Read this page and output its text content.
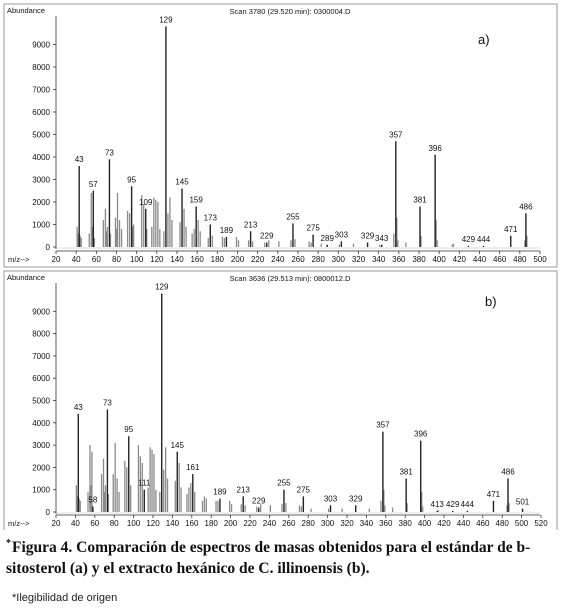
Abundance	Scan 3780 (29.520 min): 0300004.D
a)
0
1000
2000
3000
4000
5000
6000
7000
8000
9000
20 40 60 80 100 120 140 160 180 200 220 240 260 280 300 320 340 360 380 400 420 440 460 480 500
m/z-->
43
57
73
95
109
129
145
159
173
189
213
229
255
275
289 303 329 343
357
381
396
429 444
471
486
Abundance	Scan 3636 (29.513 min): 0800012.D
b)
0
1000
2000
3000
4000
5000
6000
7000
8000
9000
20 40 60 80 100 120 140 160 180 200 220 240 260 280 300 320 340 360 380 400 420 440 460 480 500 520
m/z-->
43
58
73
95
111
129
145
161
189 213
229
255
275
303 329
357
381
396
413 429 444
471
486
501
*Figura 4. Comparación de espectros de masas obtenidos para el estándar de b-sitosterol (a) y el extracto hexánico de C. illinoensis (b).
*Ilegibilidad de origen
